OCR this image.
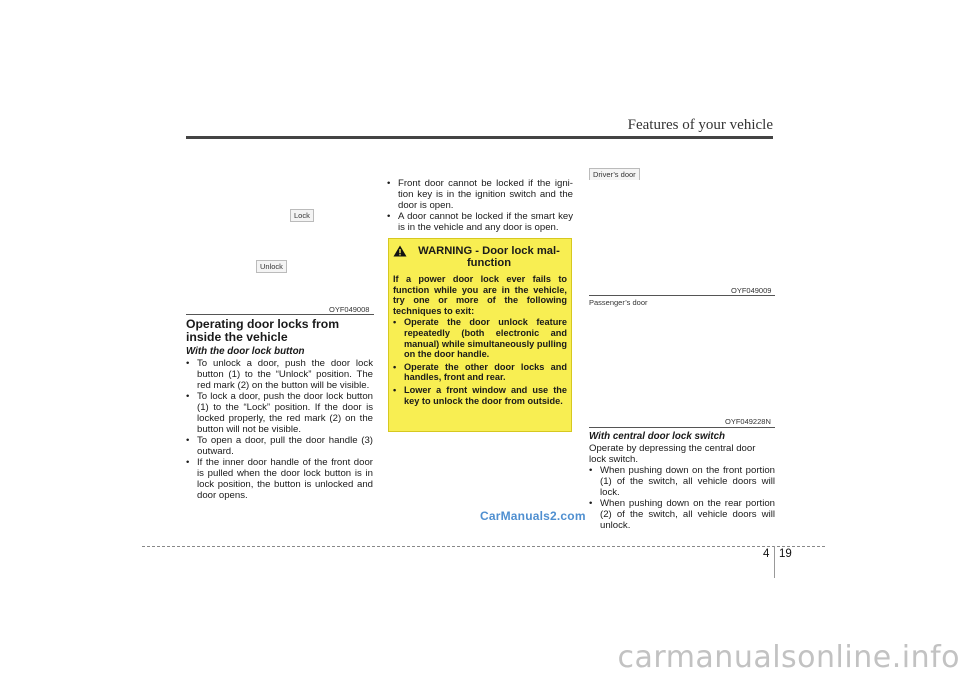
Features of your vehicle
Lock
Unlock
OYF049008
Operating door locks from inside the vehicle
With the door lock button
• To unlock a door, push the door lock button (1) to the “Unlock” position. The red mark (2) on the button will be visible.
• To lock a door, push the door lock button (1) to the “Lock” position. If the door is locked properly, the red mark (2) on the button will not be visible.
• To open a door, pull the door handle (3) outward.
• If the inner door handle of the front door is pulled when the door lock button is in lock position, the button is unlocked and door opens.
• Front door cannot be locked if the ignition key is in the ignition switch and the door is open.
• A door cannot be locked if the smart key is in the vehicle and any door is open.
WARNING - Door lock malfunction
If a power door lock ever fails to function while you are in the vehicle, try one or more of the following techniques to exit:
• Operate the door unlock feature repeatedly (both electronic and manual) while simultaneously pulling on the door handle.
• Operate the other door locks and handles, front and rear.
• Lower a front window and use the key to unlock the door from outside.
Driver’s door
OYF049009
Passenger’s door
OYF049228N
With central door lock switch

Operate by depressing the central door lock switch.

• When pushing down on the front portion (1) of the switch, all vehicle doors will lock.
• When pushing down on the rear portion (2) of the switch, all vehicle doors will unlock.
CarManuals2.com
4 19
carmanualsonline.info
